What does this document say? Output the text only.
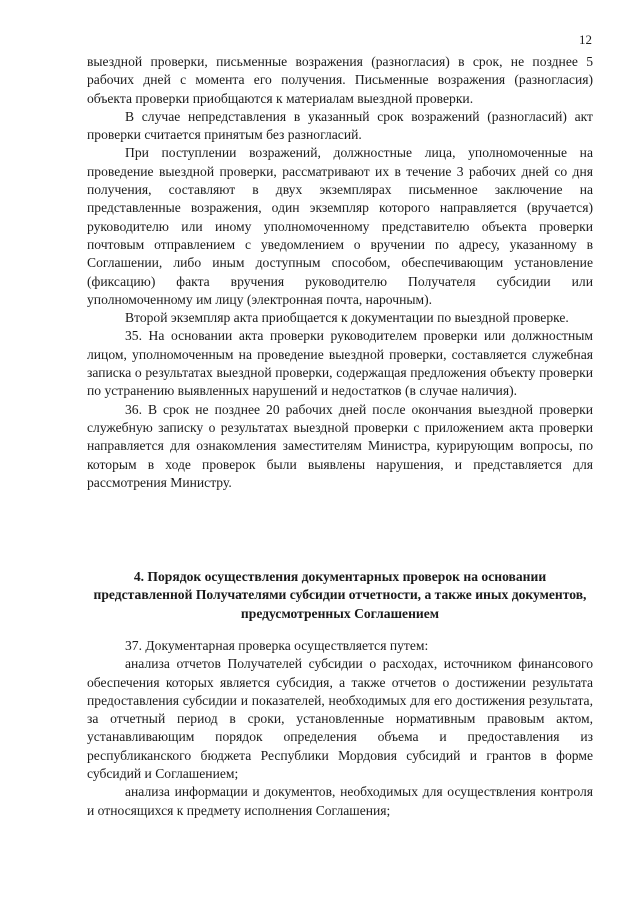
12

выездной проверки, письменные возражения (разногласия) в срок, не позднее 5 рабочих дней с момента его получения. Письменные возражения (разногласия) объекта проверки приобщаются к материалам выездной проверки.

В случае непредставления в указанный срок возражений (разногласий) акт проверки считается принятым без разногласий.

При поступлении возражений, должностные лица, уполномоченные на проведение выездной проверки, рассматривают их в течение 3 рабочих дней со дня получения, составляют в двух экземплярах письменное заключение на представленные возражения, один экземпляр которого направляется (вручается) руководителю или иному уполномоченному представителю объекта проверки почтовым отправлением с уведомлением о вручении по адресу, указанному в Соглашении, либо иным доступным способом, обеспечивающим установление (фиксацию) факта вручения руководителю Получателя субсидии или уполномоченному им лицу (электронная почта, нарочным).

Второй экземпляр акта приобщается к документации по выездной проверке.

35. На основании акта проверки руководителем проверки или должностным лицом, уполномоченным на проведение выездной проверки, составляется служебная записка о результатах выездной проверки, содержащая предложения объекту проверки по устранению выявленных нарушений и недостатков (в случае наличия).

36. В срок не позднее 20 рабочих дней после окончания выездной проверки служебную записку о результатах выездной проверки с приложением акта проверки направляется для ознакомления заместителям Министра, курирующим вопросы, по которым в ходе проверок были выявлены нарушения, и представляется для рассмотрения Министру.

4. Порядок осуществления документарных проверок на основании представленной Получателями субсидии отчетности, а также иных документов, предусмотренных Соглашением

37. Документарная проверка осуществляется путем:

анализа отчетов Получателей субсидии о расходах, источником финансового обеспечения которых является субсидия, а также отчетов о достижении результата предоставления субсидии и показателей, необходимых для его достижения результата, за отчетный период в сроки, установленные нормативным правовым актом, устанавливающим порядок определения объема и предоставления из республиканского бюджета Республики Мордовия субсидий и грантов в форме субсидий и Соглашением;

анализа информации и документов, необходимых для осуществления контроля и относящихся к предмету исполнения Соглашения;
